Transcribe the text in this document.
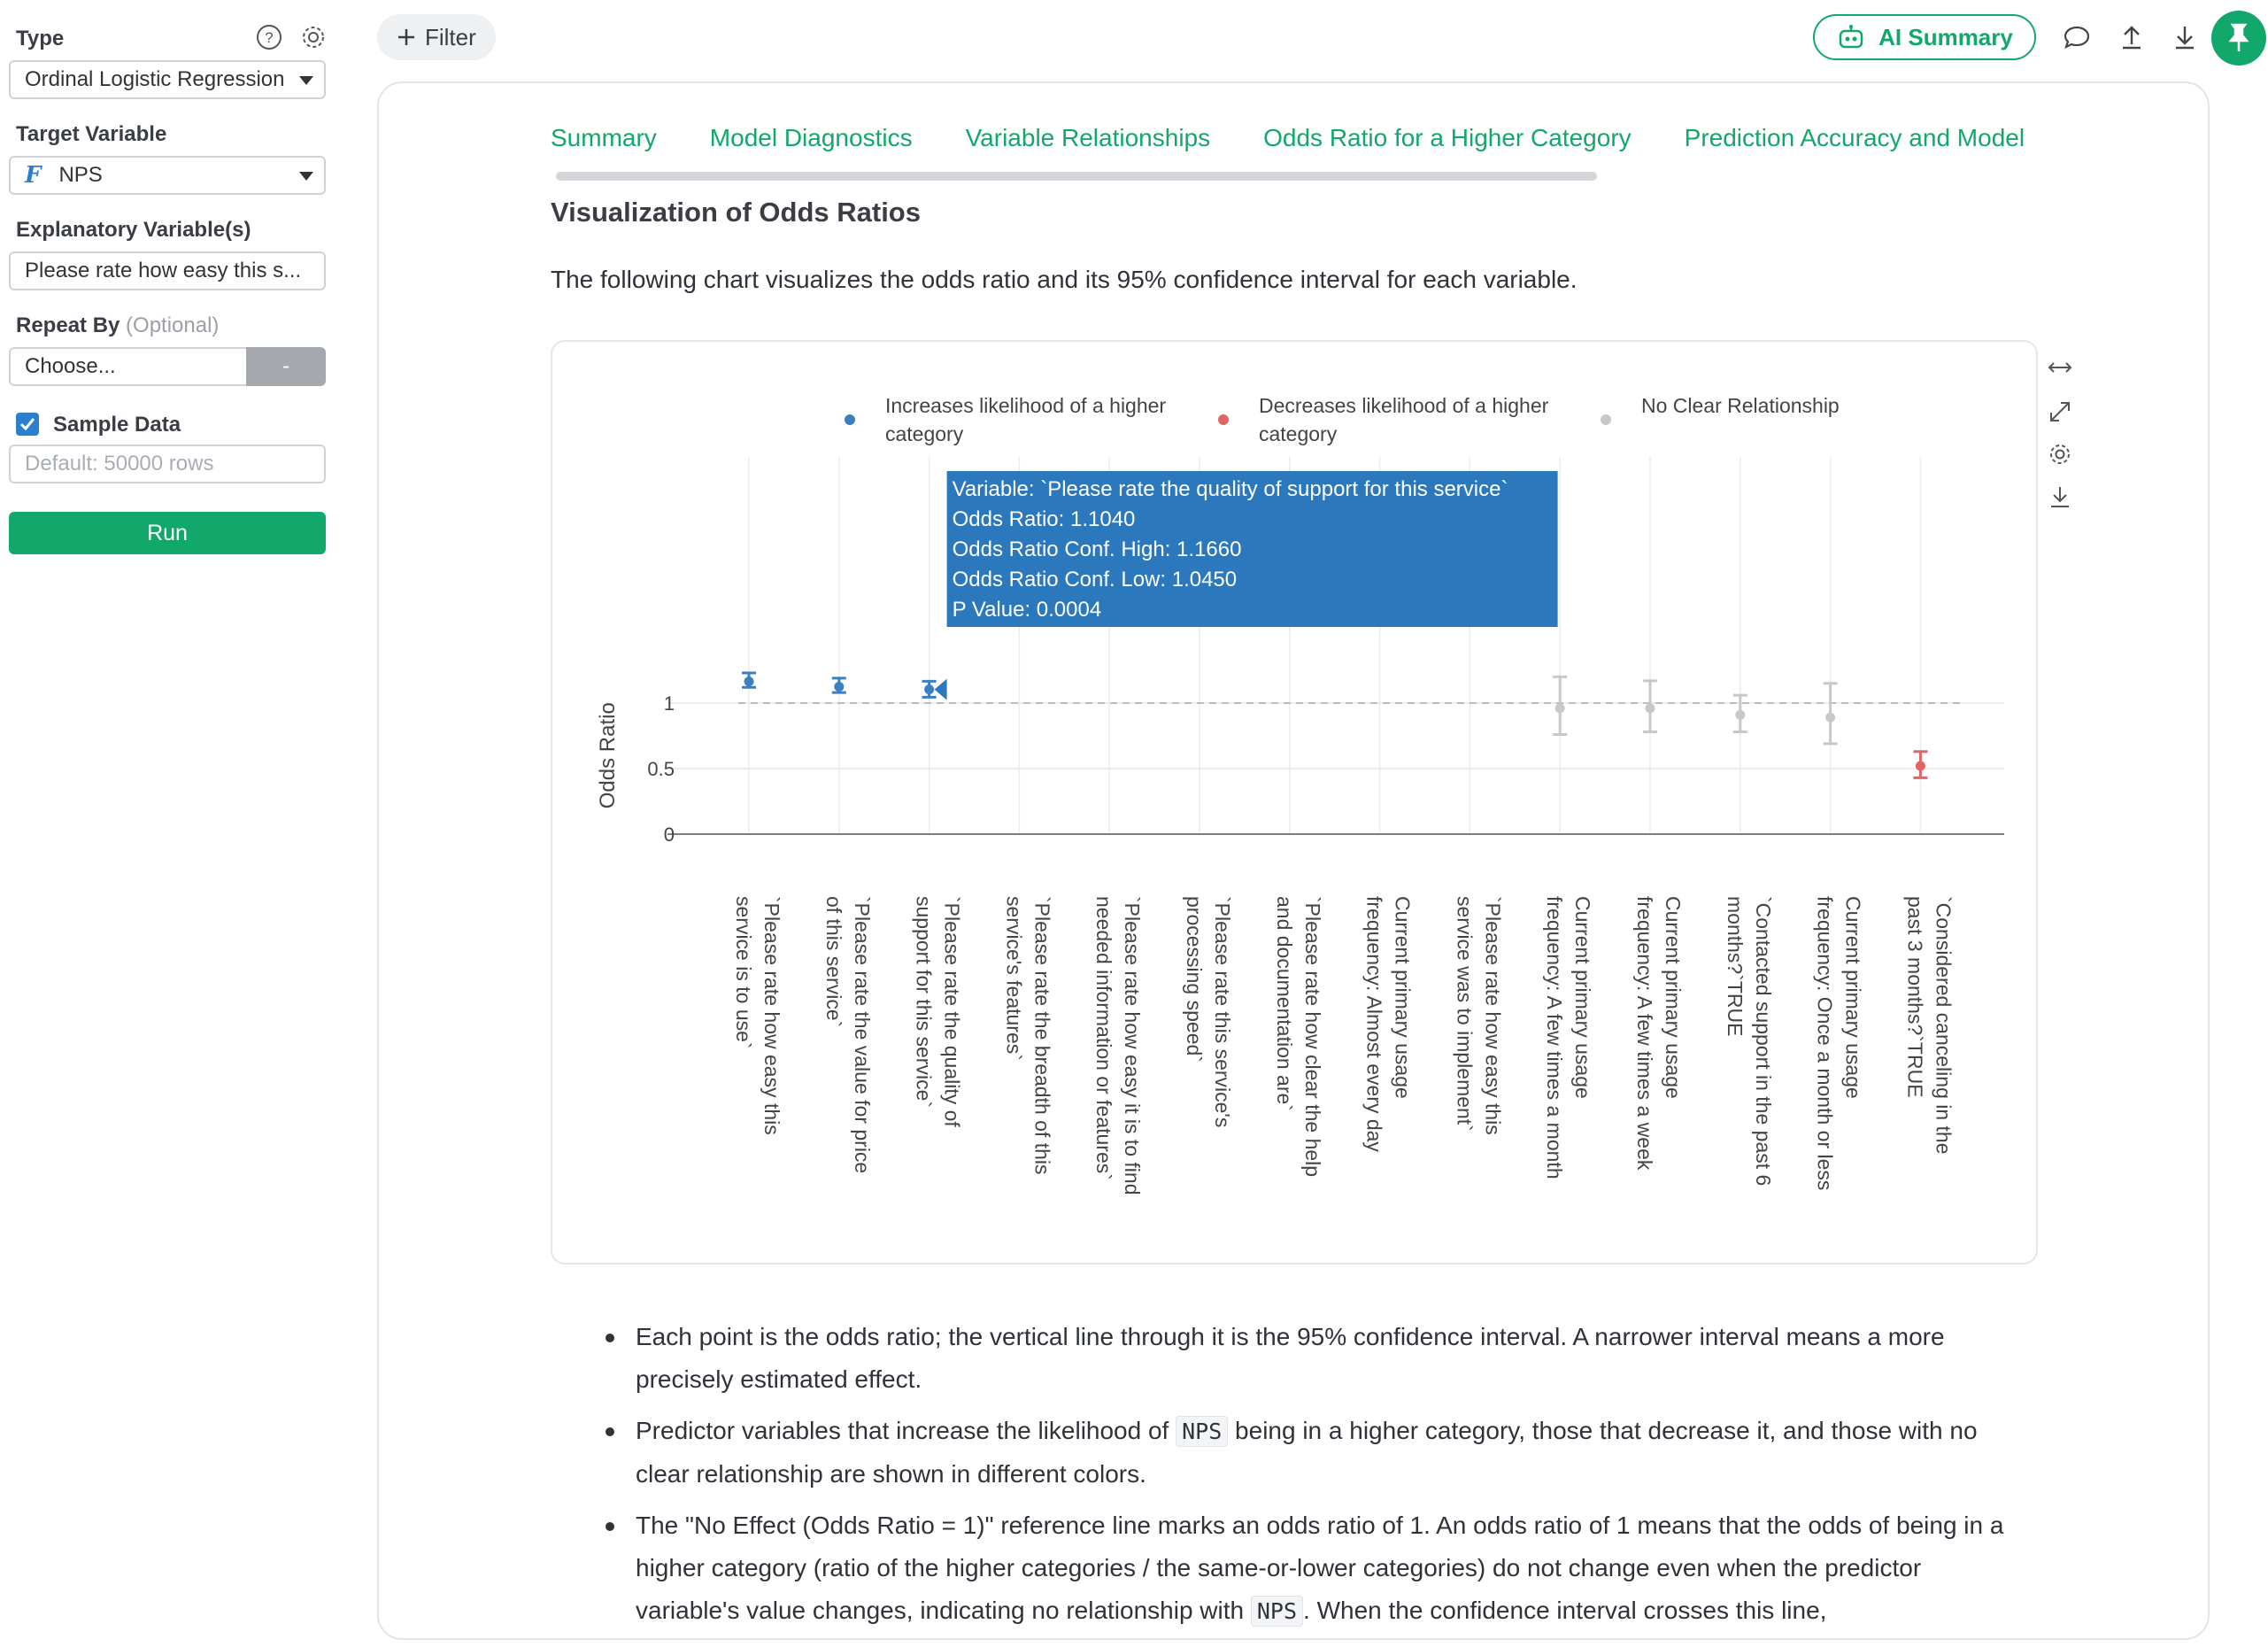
Type	?
Ordinal Logistic Regression
Target Variable
F NPS
Explanatory Variable(s)
Please rate how easy this s...
Repeat By (Optional)
Choose...	-
Sample Data
Default: 50000 rows
Run
Filter	AI Summary
Summary Model Diagnostics Variable Relationships Odds Ratio for a Higher Category Prediction Accuracy and Model
Visualization of Odds Ratios
The following chart visualizes the odds ratio and its 95% confidence interval for each variable.
0
0.5
1
Odds Ratio
Increases likelihood of a higher
category
Decreases likelihood of a higher
category
No Clear Relationship
`Please rate how easy this
service is to use`	`Please rate the value for price
of this service`	`Please rate the quality of
support for this service`	`Please rate the breadth of this
service's features`	`Please rate how easy it is to find
needed information or features`	`Please rate this service's
processing speed`	`Please rate how clear the help
and documentation are`	Current primary usage
frequency: Almost every day	`Please rate how easy this
service was to implement`	Current primary usage
frequency: A few times a month	Current primary usage
frequency: A few times a week	`Contacted support in the past 6
months?`TRUE	Current primary usage
frequency: Once a month or less	`Considered canceling in the
past 3 months?`TRUE
Variable: `Please rate the quality of support for this service`
Odds Ratio: 1.1040
Odds Ratio Conf. High: 1.1660
Odds Ratio Conf. Low: 1.0450
P Value: 0.0004
Each point is the odds ratio; the vertical line through it is the 95% confidence interval. A narrower interval means a more precisely estimated effect.
Predictor variables that increase the likelihood of NPS being in a higher category, those that decrease it, and those with no clear relationship are shown in different colors.
The "No Effect (Odds Ratio = 1)" reference line marks an odds ratio of 1. An odds ratio of 1 means that the odds of being in a higher category (ratio of the higher categories / the same-or-lower categories) do not change even when the predictor variable's value changes, indicating no relationship with NPS . When the confidence interval crosses this line,
